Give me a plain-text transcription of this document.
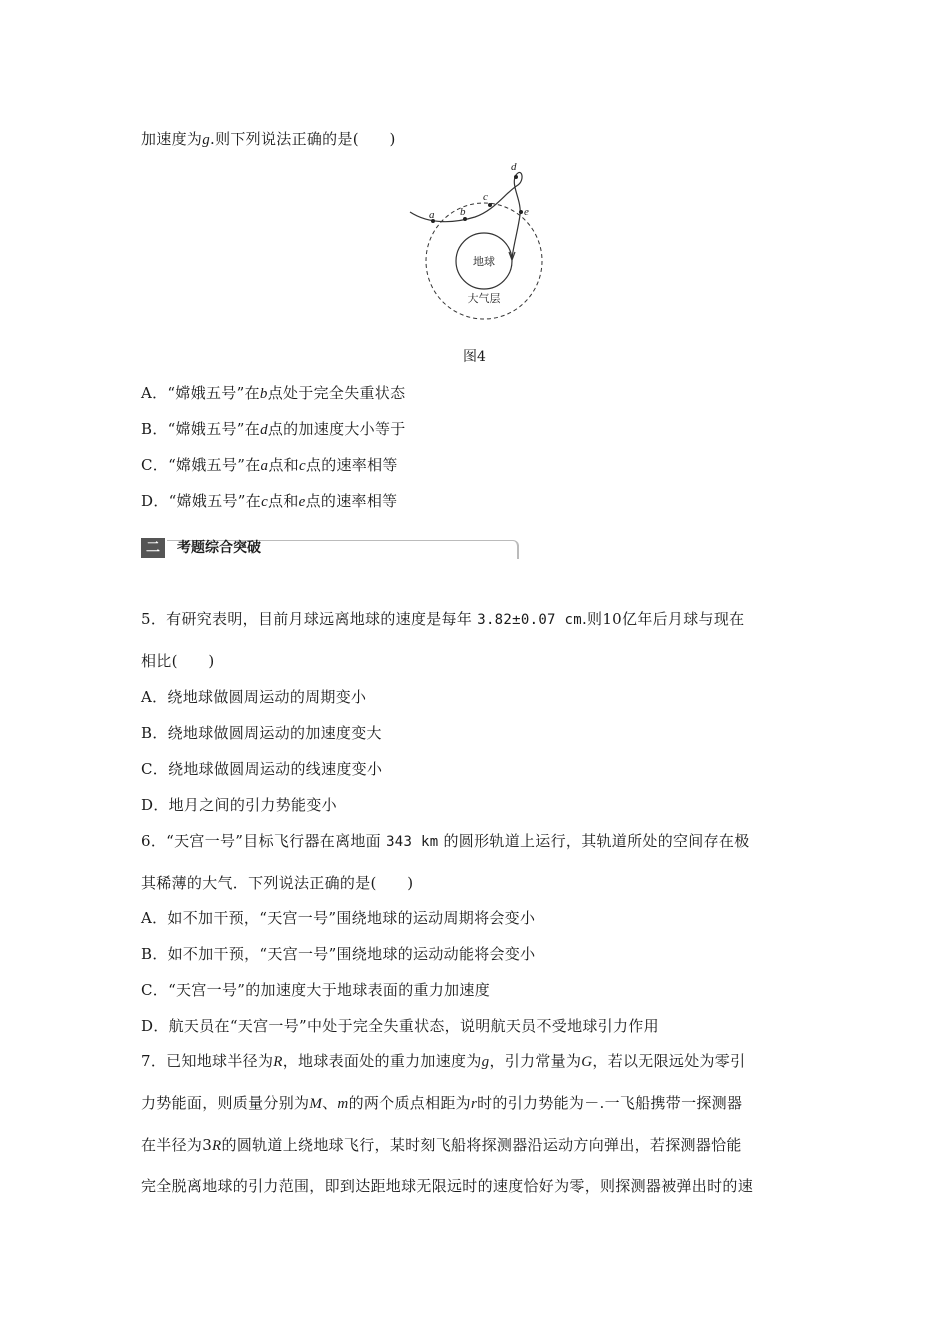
加速度为g.则下列说法正确的是(　　)
地球
大气层
a b
c
d
e
图4
A．“嫦娥五号”在b点处于完全失重状态
B．“嫦娥五号”在d点的加速度大小等于
C．“嫦娥五号”在a点和c点的速率相等
D．“嫦娥五号”在c点和e点的速率相等
二	考题综合突破
5．有研究表明，目前月球远离地球的速度是每年 3.82±0.07 cm.则10亿年后月球与现在
相比(　　)
A．绕地球做圆周运动的周期变小
B．绕地球做圆周运动的加速度变大
C．绕地球做圆周运动的线速度变小
D．地月之间的引力势能变小
6．“天宫一号”目标飞行器在离地面 343 km 的圆形轨道上运行，其轨道所处的空间存在极
其稀薄的大气．下列说法正确的是(　　)
A．如不加干预，“天宫一号”围绕地球的运动周期将会变小
B．如不加干预，“天宫一号”围绕地球的运动动能将会变小
C．“天宫一号”的加速度大于地球表面的重力加速度
D．航天员在“天宫一号”中处于完全失重状态，说明航天员不受地球引力作用
7．已知地球半径为R，地球表面处的重力加速度为g，引力常量为G，若以无限远处为零引
力势能面，则质量分别为M、m的两个质点相距为r时的引力势能为－.一飞船携带一探测器
在半径为3R的圆轨道上绕地球飞行，某时刻飞船将探测器沿运动方向弹出，若探测器恰能
完全脱离地球的引力范围，即到达距地球无限远时的速度恰好为零，则探测器被弹出时的速
